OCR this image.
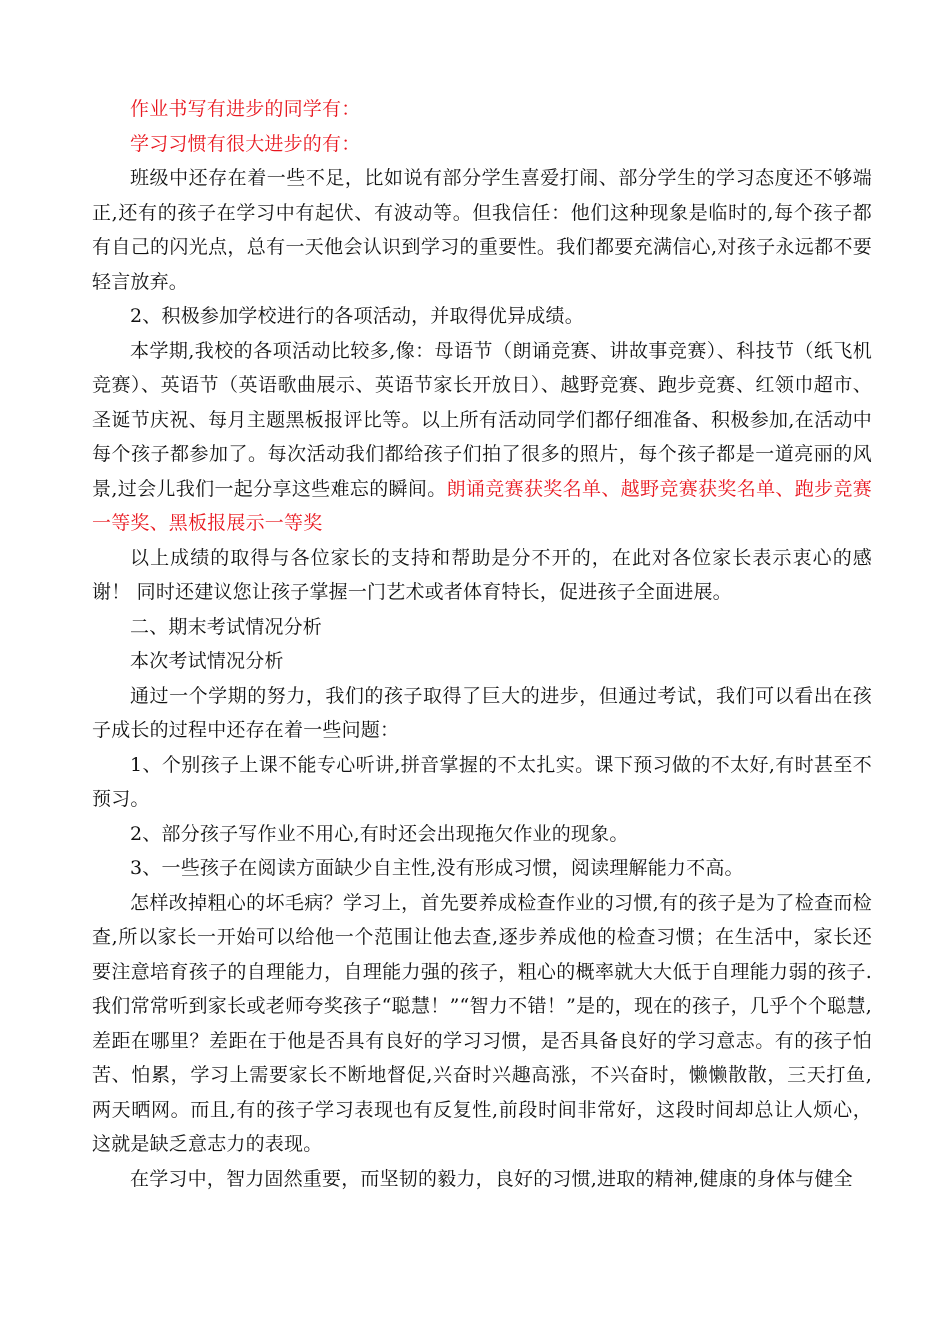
作业书写有进步的同学有：

学习习惯有很大进步的有：

班级中还存在着一些不足，比如说有部分学生喜爱打闹、部分学生的学习态度还不够端正,还有的孩子在学习中有起伏、有波动等。但我信任：他们这种现象是临时的,每个孩子都有自己的闪光点，总有一天他会认识到学习的重要性。我们都要充满信心,对孩子永远都不要轻言放弃。

2、积极参加学校进行的各项活动，并取得优异成绩。

本学期,我校的各项活动比较多,像：母语节（朗诵竞赛、讲故事竞赛）、科技节（纸飞机竞赛）、英语节（英语歌曲展示、英语节家长开放日）、越野竞赛、跑步竞赛、红领巾超市、圣诞节庆祝、每月主题黑板报评比等。以上所有活动同学们都仔细准备、积极参加,在活动中每个孩子都参加了。每次活动我们都给孩子们拍了很多的照片，每个孩子都是一道亮丽的风景,过会儿我们一起分享这些难忘的瞬间。朗诵竞赛获奖名单、越野竞赛获奖名单、跑步竞赛一等奖、黑板报展示一等奖

以上成绩的取得与各位家长的支持和帮助是分不开的，在此对各位家长表示衷心的感谢！ 同时还建议您让孩子掌握一门艺术或者体育特长，促进孩子全面进展。

二、期末考试情况分析

本次考试情况分析

通过一个学期的努力，我们的孩子取得了巨大的进步，但通过考试，我们可以看出在孩子成长的过程中还存在着一些问题：

1、个别孩子上课不能专心听讲,拼音掌握的不太扎实。课下预习做的不太好,有时甚至不预习。

2、部分孩子写作业不用心,有时还会出现拖欠作业的现象。

3、一些孩子在阅读方面缺少自主性,没有形成习惯，阅读理解能力不高。

怎样改掉粗心的坏毛病？学习上，首先要养成检查作业的习惯,有的孩子是为了检查而检查,所以家长一开始可以给他一个范围让他去查,逐步养成他的检查习惯；在生活中，家长还要注意培育孩子的自理能力，自理能力强的孩子，粗心的概率就大大低于自理能力弱的孩子.我们常常听到家长或老师夸奖孩子“聪慧！”“智力不错！”是的，现在的孩子，几乎个个聪慧,差距在哪里？差距在于他是否具有良好的学习习惯，是否具备良好的学习意志。有的孩子怕苦、怕累，学习上需要家长不断地督促,兴奋时兴趣高涨，不兴奋时，懒懒散散，三天打鱼,两天晒网。而且,有的孩子学习表现也有反复性,前段时间非常好，这段时间却总让人烦心，这就是缺乏意志力的表现。

在学习中，智力固然重要，而坚韧的毅力，良好的习惯,进取的精神,健康的身体与健全
